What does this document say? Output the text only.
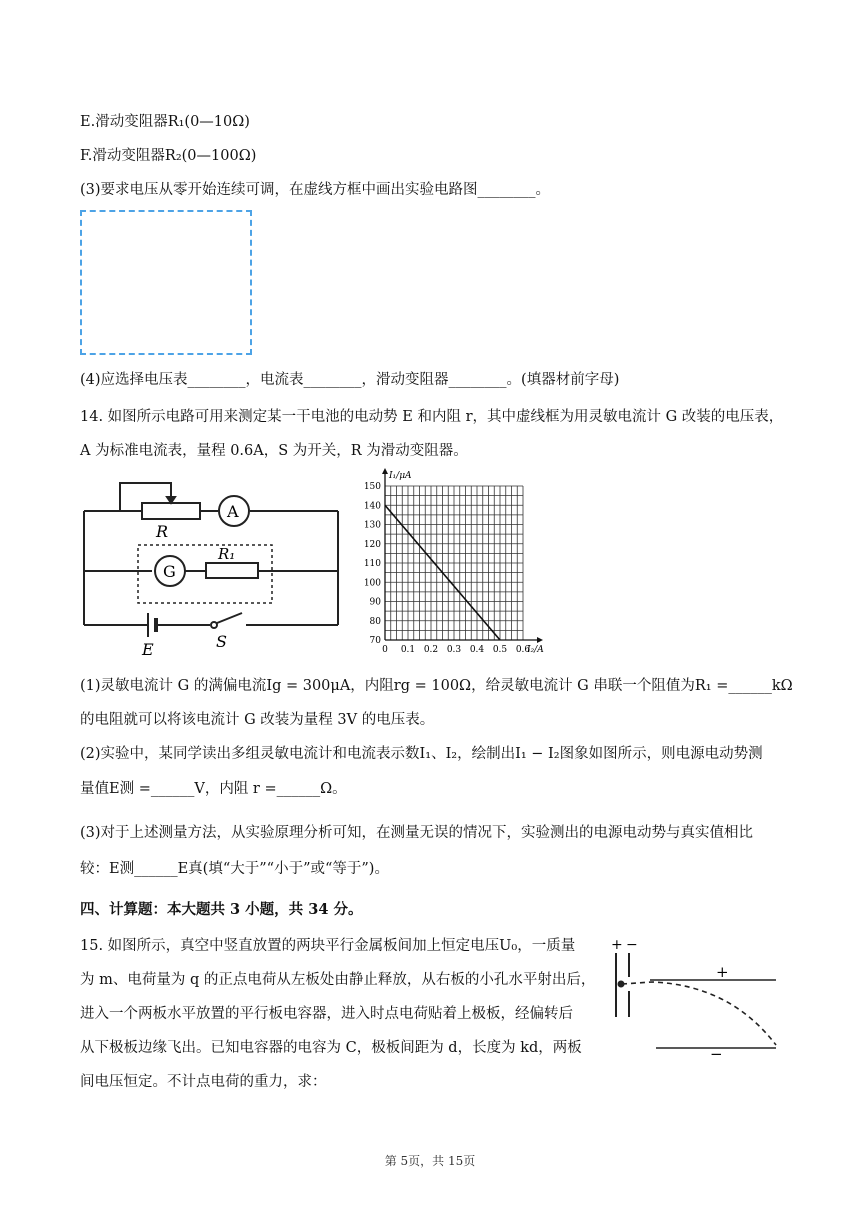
E.滑动变阻器R₁(0—10Ω)
F.滑动变阻器R₂(0—100Ω)
(3)要求电压从零开始连续可调，在虚线方框中画出实验电路图________。
(4)应选择电压表________，电流表________，滑动变阻器________。(填器材前字母)
14. 如图所示电路可用来测定某一干电池的电动势 E 和内阻 r，其中虚线框为用灵敏电流计 G 改装的电压表，
A 为标准电流表，量程 0.6A，S 为开关，R 为滑动变阻器。
R
A
G
R₁
E	S	70
80
90
100
110
120
130
140
150
0 0.1 0.2 0.3 0.4 0.5 0.6
I₁/μA
I₂/A
(1)灵敏电流计 G 的满偏电流Ig = 300μA，内阻rg = 100Ω，给灵敏电流计 G 串联一个阻值为R₁ =______kΩ
的电阻就可以将该电流计 G 改装为量程 3V 的电压表。
(2)实验中，某同学读出多组灵敏电流计和电流表示数I₁、I₂，绘制出I₁ − I₂图象如图所示，则电源电动势测
量值E测 =______V，内阻 r =______Ω。
(3)对于上述测量方法，从实验原理分析可知，在测量无误的情况下，实验测出的电源电动势与真实值相比
较：E测______E真(填“大于”“小于”或“等于”)。
四、计算题：本大题共 3 小题，共 34 分。
15. 如图所示，真空中竖直放置的两块平行金属板间加上恒定电压U₀，一质量
为 m、电荷量为 q 的正点电荷从左板处由静止释放，从右板的小孔水平射出后，
进入一个两板水平放置的平行板电容器，进入时点电荷贴着上极板，经偏转后
从下极板边缘飞出。已知电容器的电容为 C，极板间距为 d，长度为 kd，两板
间电压恒定。不计点电荷的重力，求：
+ −
+
−
第 5页，共 15页
